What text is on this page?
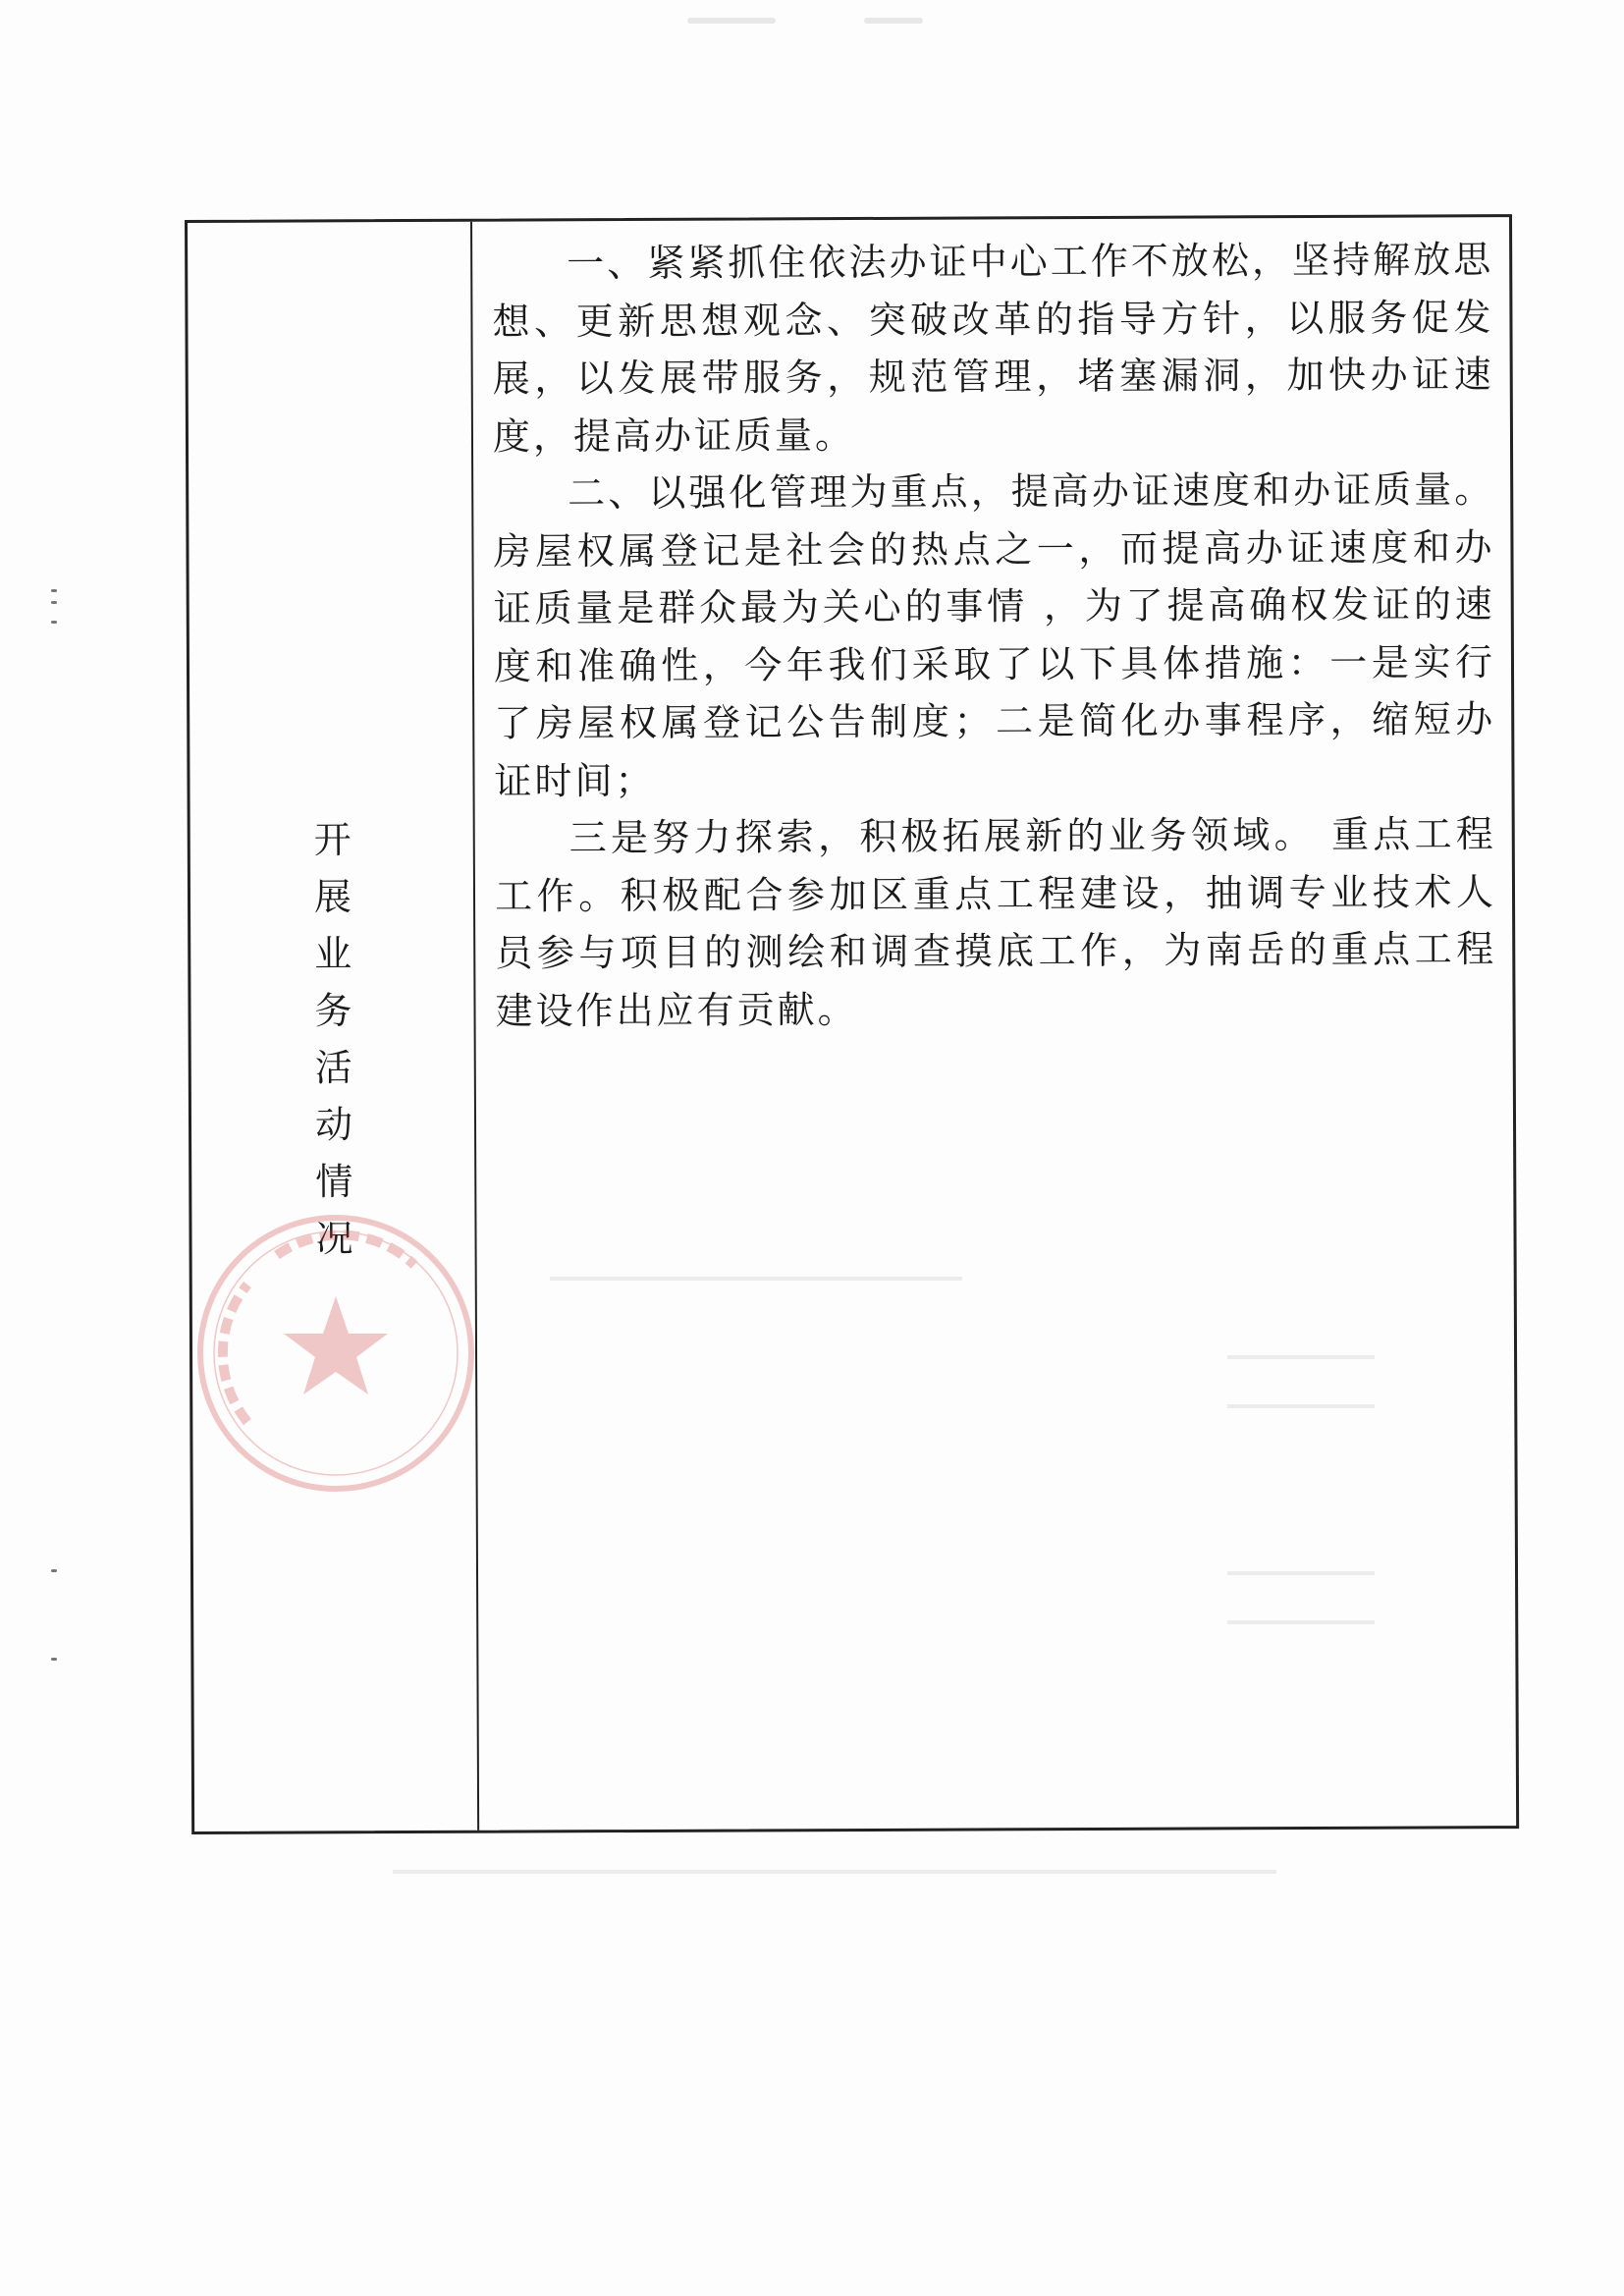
开
展
业
务
活
动
情
况

一、紧紧抓住依法办证中心工作不放松，坚持解放思想、更新思想观念、突破改革的指导方针，以服务促发展，以发展带服务，规范管理，堵塞漏洞，加快办证速度，提高办证质量。

二、以强化管理为重点，提高办证速度和办证质量。房屋权属登记是社会的热点之一，而提高办证速度和办证质量是群众最为关心的事情 ，为了提高确权发证的速度和准确性，今年我们采取了以下具体措施：一是实行了房屋权属登记公告制度；二是简化办事程序，缩短办证时间；

三是努力探索，积极拓展新的业务领域。 重点工程工作。积极配合参加区重点工程建设，抽调专业技术人员参与项目的测绘和调查摸底工作，为南岳的重点工程建设作出应有贡献。
